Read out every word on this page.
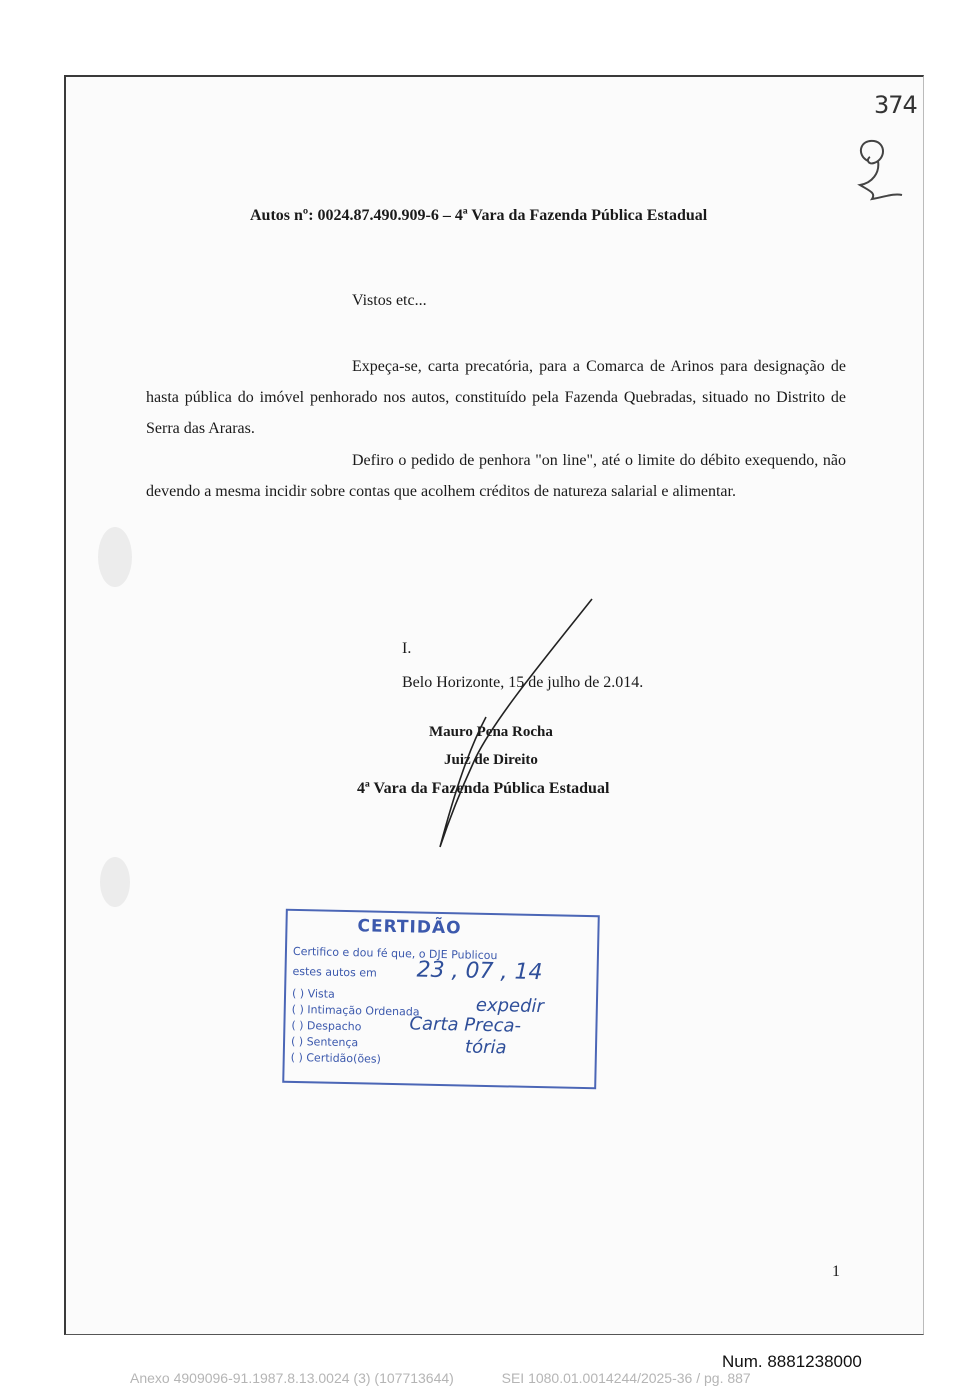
374
Autos nº: 0024.87.490.909-6 – 4ª Vara da Fazenda Pública Estadual
Vistos etc...
Expeça-se, carta precatória, para a Comarca de Arinos para designação de hasta pública do imóvel penhorado nos autos, constituído pela Fazenda Quebradas, situado no Distrito de Serra das Araras.
Defiro o pedido de penhora "on line", até o limite do débito exequendo, não devendo a mesma incidir sobre contas que acolhem créditos de natureza salarial e alimentar.
I.
Belo Horizonte, 15 de julho de 2.014.
Mauro Pena Rocha
Juiz de Direito
4ª Vara da Fazenda Pública Estadual
CERTIDÃO
Certifico e dou fé que, o DJE Publicou
estes autos em 23 , 07 , 14
( ) Vista
( ) Intimação Ordenada
( ) Despacho
( ) Sentença
( ) Certidão(ões)
expedir
Carta Preca-
tória
1
Num. 8881238000
Anexo 4909096-91.1987.8.13.0024 (3) (107713644)	SEI 1080.01.0014244/2025-36 / pg. 887
